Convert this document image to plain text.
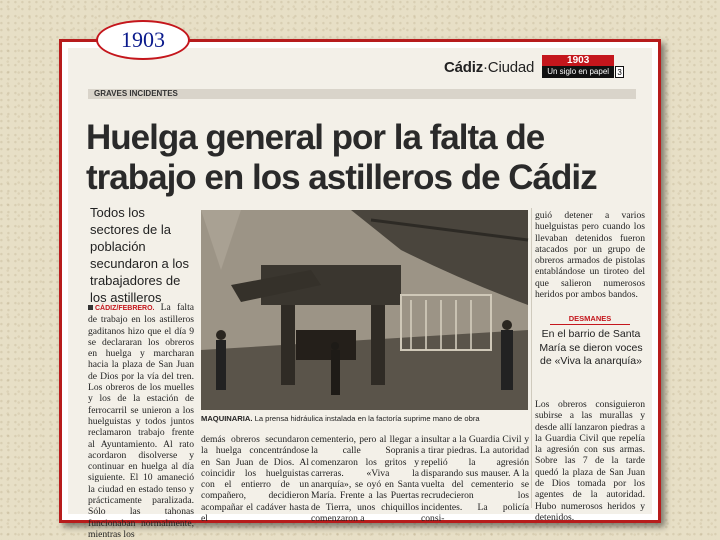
1903
Cádiz·Ciudad	1903
Un siglo en papel	3
GRAVES INCIDENTES
Huelga general por la falta de trabajo en los astilleros de Cádiz

Todos los sectores de la población secundaron a los trabajadores de los astilleros

CÁDIZ/FEBRERO. La falta de trabajo en los astilleros gaditanos hizo que el día 9 se declararan los obreros en huelga y marcharan hacia la plaza de San Juan de Dios por la vía del tren. Los obreros de los muelles y los de la estación de ferrocarril se unieron a los huelguistas y todos juntos reclamaron trabajo frente al Ayuntamiento. Al rato acordaron disolverse y continuar en huelga al día siguiente. El 10 amaneció la ciudad en estado tenso y prácticamente paralizada. Sólo las tahonas funcionaban normalmente, mientras los

MAQUINARIA. La prensa hidráulica instalada en la factoría suprime mano de obra

demás obreros secundaron la huelga concentrándose en San Juan de Dios. Al coincidir los huelguistas con el entierro de un compañero, decidieron acompañar el cadáver hasta el

cementerio, pero al llegar a la calle Sopranis comenzaron los gritos y carreras. «Viva la anarquía», se oyó en Santa María. Frente a las Puertas de Tierra, unos chiquillos comenzaron a

insultar a la Guardia Civil y a tirar piedras. La autoridad repelió la agresión disparando sus mauser. A la vuelta del cementerio se recrudecieron los incidentes. La policía consi-

guió detener a varios huelguistas pero cuando los llevaban detenidos fueron atacados por un grupo de obreros armados de pistolas entablándose un tiroteo del que salieron numerosos heridos por ambos bandos.

DESMANES

En el barrio de Santa María se dieron voces de «Viva la anarquía»

Los obreros consiguieron subirse a las murallas y desde allí lanzaron piedras a la Guardia Civil que repelía la agresión con sus armas. Sobre las 7 de la tarde quedó la plaza de San Juan de Dios tomada por los agentes de la autoridad. Hubo numerosos heridos y detenidos.
